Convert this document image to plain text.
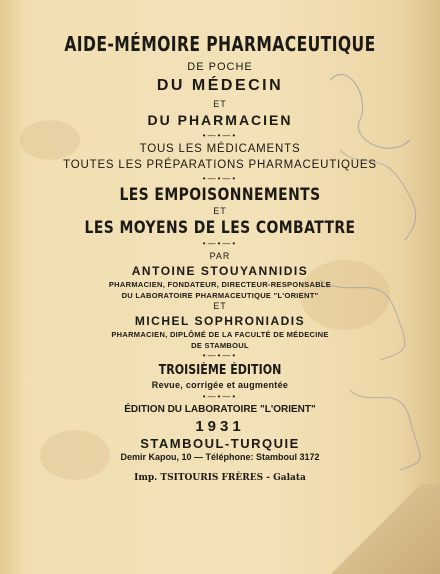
AIDE-MÉMOIRE PHARMACEUTIQUE
DE POCHE
DU MÉDECIN
ET
DU PHARMACIEN
•—•—•
TOUS LES MÉDICAMENTS
TOUTES LES PRÉPARATIONS PHARMACEUTIQUES
•—•—•
LES EMPOISONNEMENTS
ET
LES MOYENS DE LES COMBATTRE
•—•—•
PAR
ANTOINE STOUYANNIDIS
PHARMACIEN, FONDATEUR, DIRECTEUR-RESPONSABLE
DU LABORATOIRE PHARMACEUTIQUE "L'ORIENT"
ET
MICHEL SOPHRONIADIS
PHARMACIEN, DIPLÔMÉ DE LA FACULTÉ DE MÉDECINE
DE STAMBOUL
•—•—•
TROISIÈME ÉDITION
Revue, corrigée et augmentée
•—•—•
ÉDITION DU LABORATOIRE "L'ORIENT"
1931
STAMBOUL-TURQUIE
Demir Kapou, 10 — Téléphone: Stamboul 3172
Imp. TSITOURIS FRÈRES - Galata
